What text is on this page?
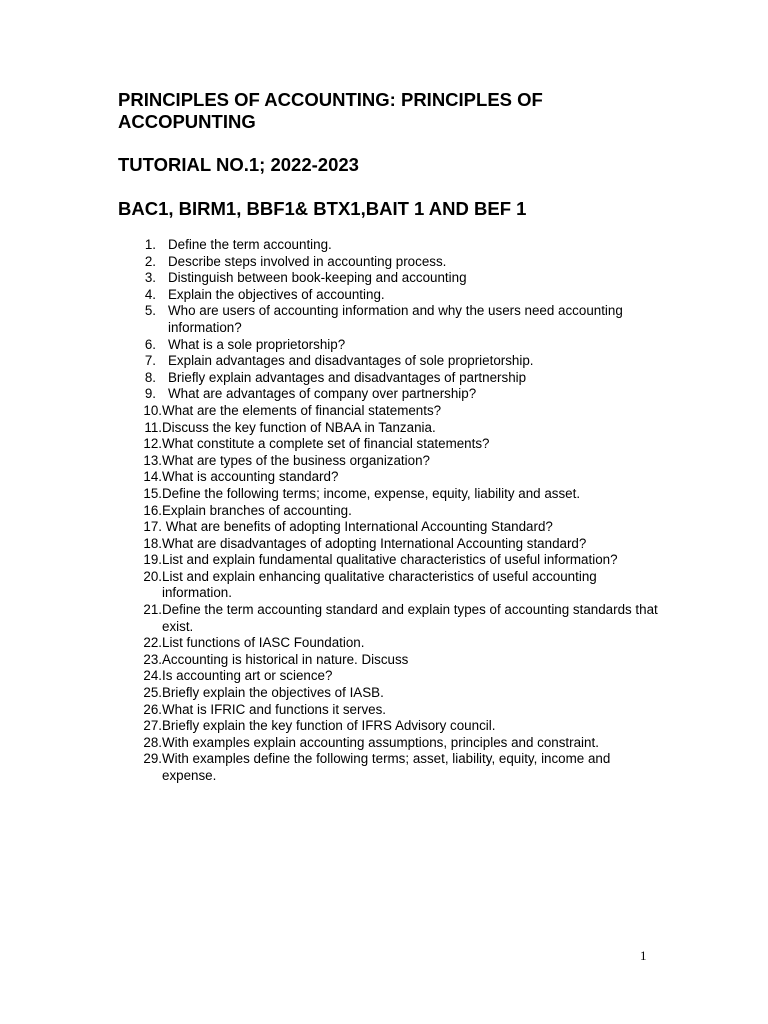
PRINCIPLES OF ACCOUNTING: PRINCIPLES OF ACCOPUNTING
TUTORIAL NO.1; 2022-2023
BAC1, BIRM1, BBF1& BTX1,BAIT 1 AND BEF 1
1. Define the term accounting.
2. Describe steps involved in accounting process.
3. Distinguish between book-keeping and accounting
4. Explain the objectives of accounting.
5. Who are users of accounting information and why the users need accounting information?
6. What is a sole proprietorship?
7. Explain advantages and disadvantages of sole proprietorship.
8. Briefly explain advantages and disadvantages of partnership
9. What are advantages of company over partnership?
10. What are the elements of financial statements?
11. Discuss the key function of NBAA in Tanzania.
12. What constitute a complete set of financial statements?
13. What are types of the business organization?
14. What is accounting standard?
15. Define the following terms; income, expense, equity, liability and asset.
16. Explain branches of accounting.
17. What are benefits of adopting International Accounting Standard?
18. What are disadvantages of adopting International Accounting standard?
19. List and explain fundamental qualitative characteristics of useful information?
20. List and explain enhancing qualitative characteristics of useful accounting information.
21. Define the term accounting standard and explain types of accounting standards that exist.
22. List functions of IASC Foundation.
23. Accounting is historical in nature. Discuss
24. Is accounting art or science?
25. Briefly explain the objectives of IASB.
26. What is IFRIC and functions it serves.
27. Briefly explain the key function of IFRS Advisory council.
28. With examples explain accounting assumptions, principles and constraint.
29. With examples define the following terms; asset, liability, equity, income and expense.
1
